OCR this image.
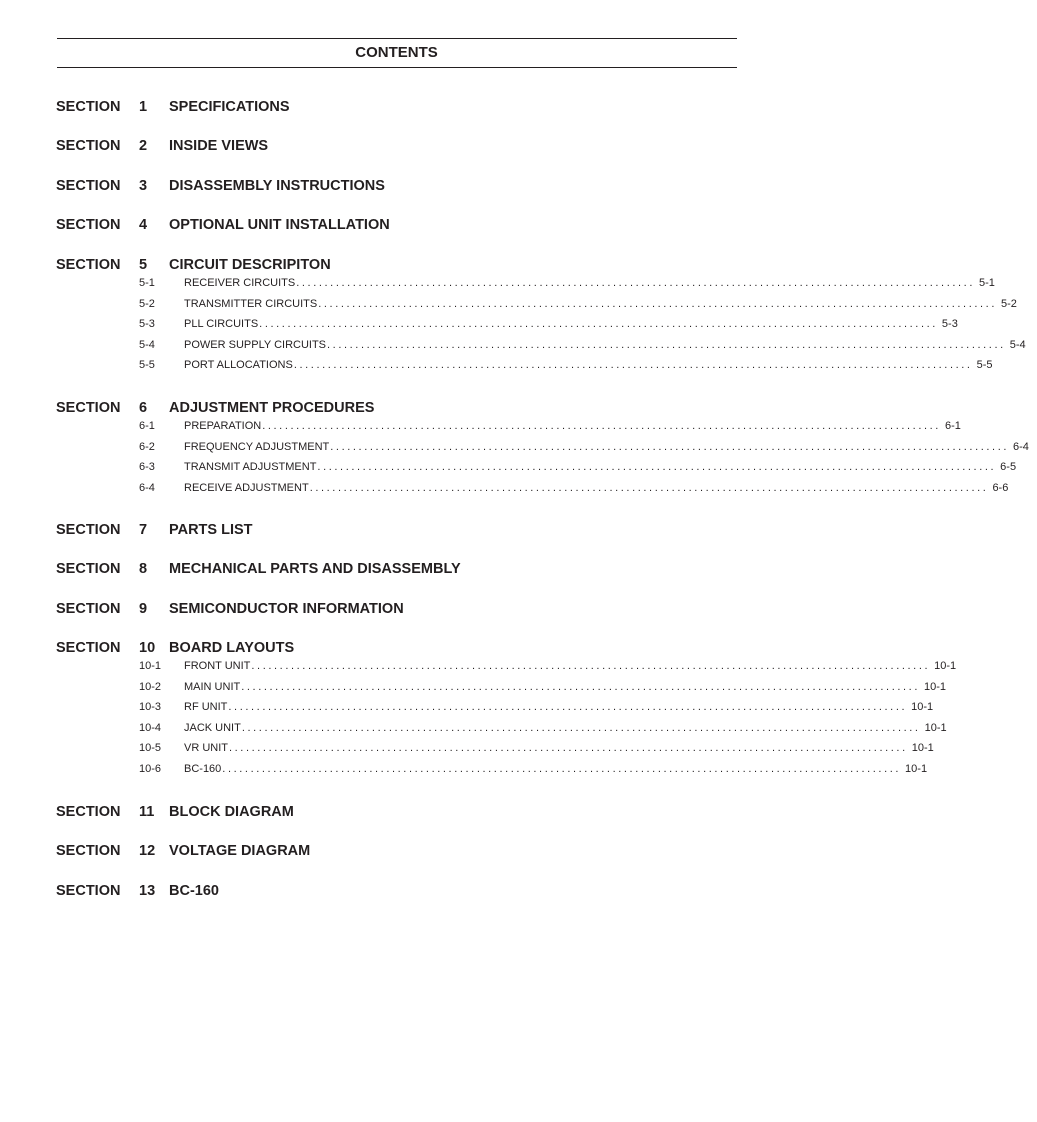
CONTENTS
SECTION 1 SPECIFICATIONS
SECTION 2 INSIDE VIEWS
SECTION 3 DISASSEMBLY INSTRUCTIONS
SECTION 4 OPTIONAL UNIT INSTALLATION
SECTION 5 CIRCUIT DESCRIPITON
5-1	RECEIVER CIRCUITS ........................................................................................................................ 5-1
5-2	TRANSMITTER CIRCUITS ........................................................................................................................ 5-2
5-3	PLL CIRCUITS ........................................................................................................................ 5-3
5-4	POWER SUPPLY CIRCUITS ........................................................................................................................ 5-4
5-5	PORT ALLOCATIONS ........................................................................................................................ 5-5
SECTION 6 ADJUSTMENT PROCEDURES
6-1	PREPARATION ........................................................................................................................ 6-1
6-2	FREQUENCY ADJUSTMENT ........................................................................................................................ 6-4
6-3	TRANSMIT ADJUSTMENT ........................................................................................................................ 6-5
6-4	RECEIVE ADJUSTMENT ........................................................................................................................ 6-6
SECTION 7 PARTS LIST
SECTION 8 MECHANICAL PARTS AND DISASSEMBLY
SECTION 9 SEMICONDUCTOR INFORMATION
SECTION 10 BOARD LAYOUTS
10-1 FRONT UNIT ........................................................................................................................ 10-1
10-2 MAIN UNIT ........................................................................................................................ 10-1
10-3 RF UNIT ........................................................................................................................ 10-1
10-4 JACK UNIT ........................................................................................................................ 10-1
10-5 VR UNIT ........................................................................................................................ 10-1
10-6 BC-160 ........................................................................................................................ 10-1
SECTION 11 BLOCK DIAGRAM
SECTION 12 VOLTAGE DIAGRAM
SECTION 13 BC-160
